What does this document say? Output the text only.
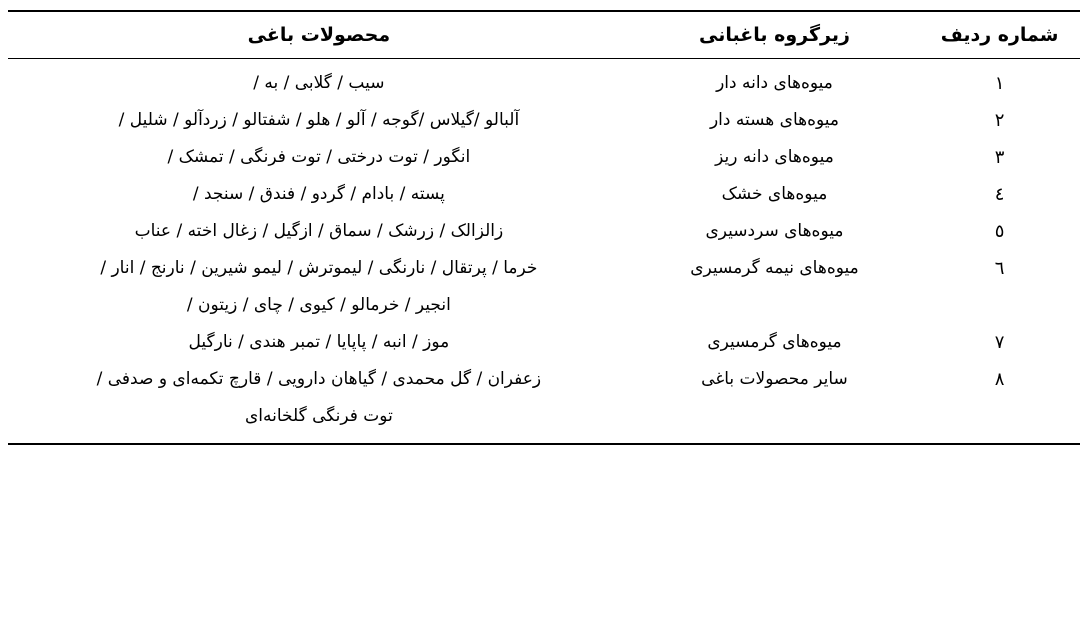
شماره ردیف	زیرگروه باغبانی	محصولات باغی
۱	میوه‌های دانه دار	سیب / گلابی / به /

۲	میوه‌های هسته دار	آلبالو /گیلاس /گوجه / آلو / هلو / شفتالو / زردآلو / شلیل /

۳	میوه‌های دانه ریز	انگور / توت درختی / توت فرنگی / تمشک /

٤	میوه‌های خشک	پسته / بادام / گردو / فندق / سنجد /

٥	میوه‌های سردسیری	زالزالک / زرشک / سماق / ازگیل / زغال اخته / عناب

٦	میوه‌های نیمه گرمسیری	خرما / پرتقال / نارنگی / لیموترش / لیمو شیرین / نارنج / انار /
انجیر / خرمالو / کیوی / چای / زیتون /

۷	میوه‌های گرمسیری	موز / انبه / پاپایا / تمبر هندی / نارگیل

۸	سایر محصولات باغی	زعفران / گل محمدی / گیاهان دارویی / قارچ تکمه‌ای و صدفی /
توت فرنگی گلخانه‌ای
